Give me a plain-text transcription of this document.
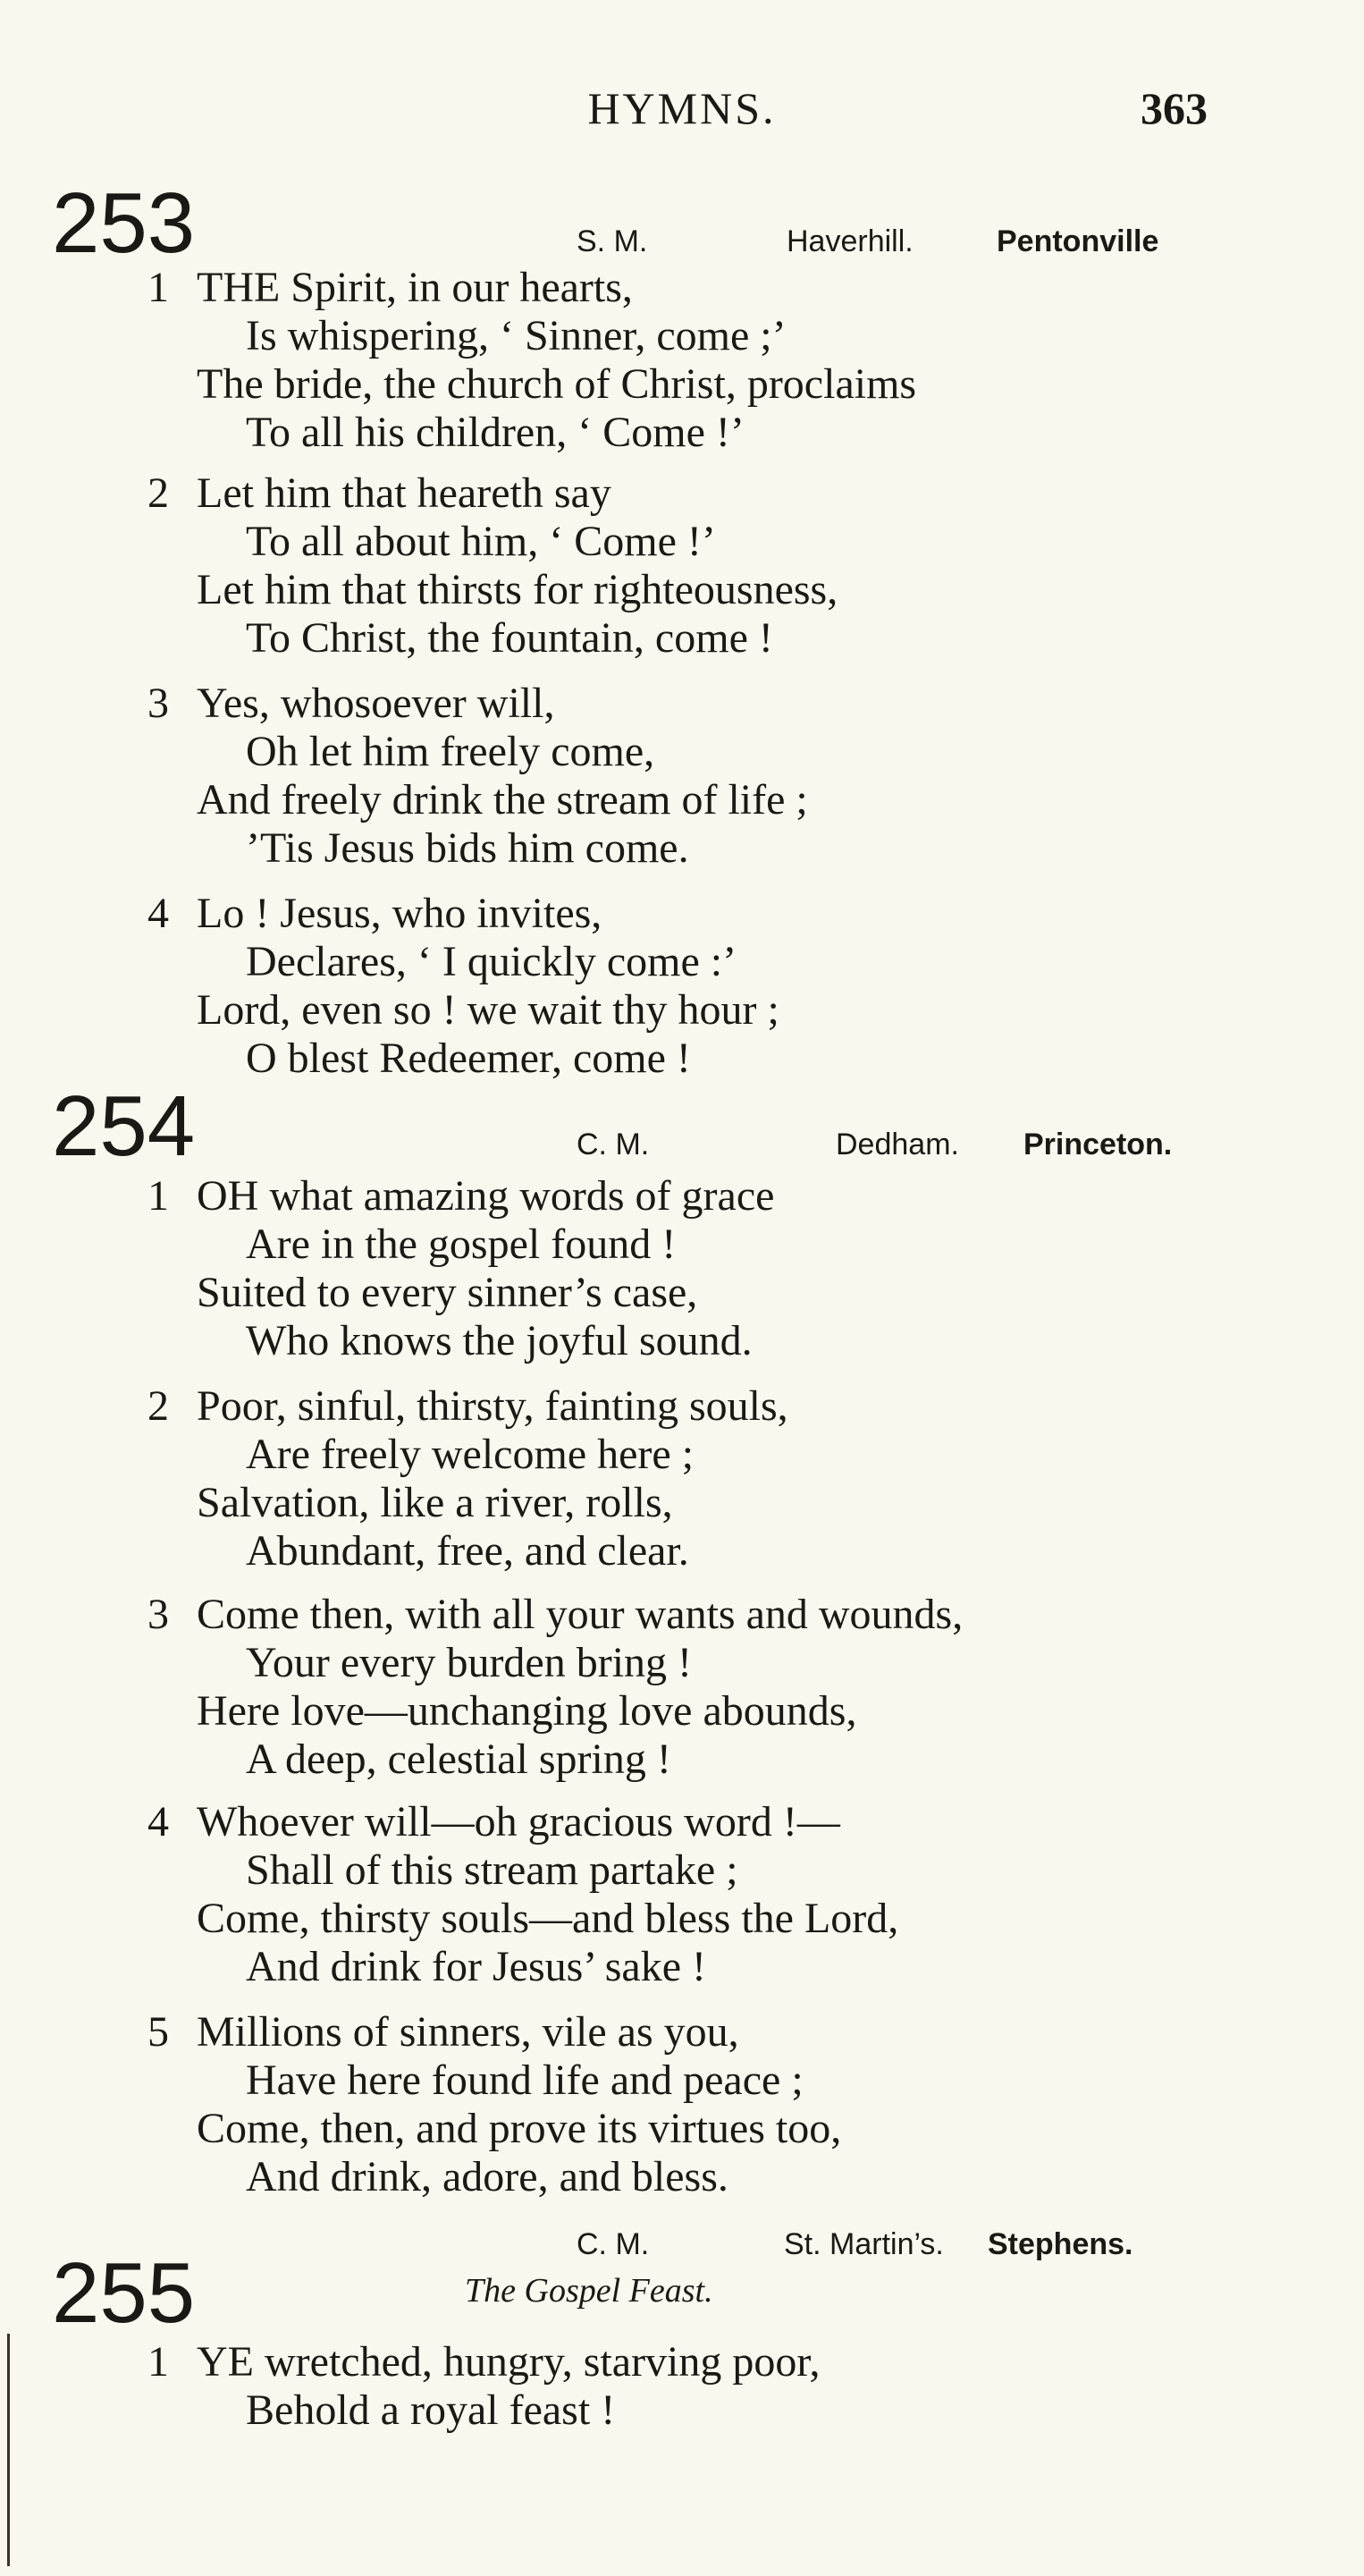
HYMNS.	363
253	S. M.	Haverhill.	Pentonville
1 THE Spirit, in our hearts,
Is whispering, ‘ Sinner, come ;’
The bride, the church of Christ, proclaims
To all his children, ‘ Come !’
2 Let him that heareth say
To all about him, ‘ Come !’
Let him that thirsts for righteousness,
To Christ, the fountain, come !
3 Yes, whosoever will,
Oh let him freely come,
And freely drink the stream of life ;
’Tis Jesus bids him come.
4 Lo ! Jesus, who invites,
Declares, ‘ I quickly come :’
Lord, even so ! we wait thy hour ;
O blest Redeemer, come !
254	C. M.	Dedham. Princeton.
1 OH what amazing words of grace
Are in the gospel found !
Suited to every sinner’s case,
Who knows the joyful sound.
2 Poor, sinful, thirsty, fainting souls,
Are freely welcome here ;
Salvation, like a river, rolls,
Abundant, free, and clear.
3 Come then, with all your wants and wounds,
Your every burden bring !
Here love—unchanging love abounds,
A deep, celestial spring !
4 Whoever will—oh gracious word !—
Shall of this stream partake ;
Come, thirsty souls—and bless the Lord,
And drink for Jesus’ sake !
5 Millions of sinners, vile as you,
Have here found life and peace ;
Come, then, and prove its virtues too,
And drink, adore, and bless.
255
C. M.	St. Martin’s. Stephens.
The Gospel Feast.
1 YE wretched, hungry, starving poor,
Behold a royal feast !
